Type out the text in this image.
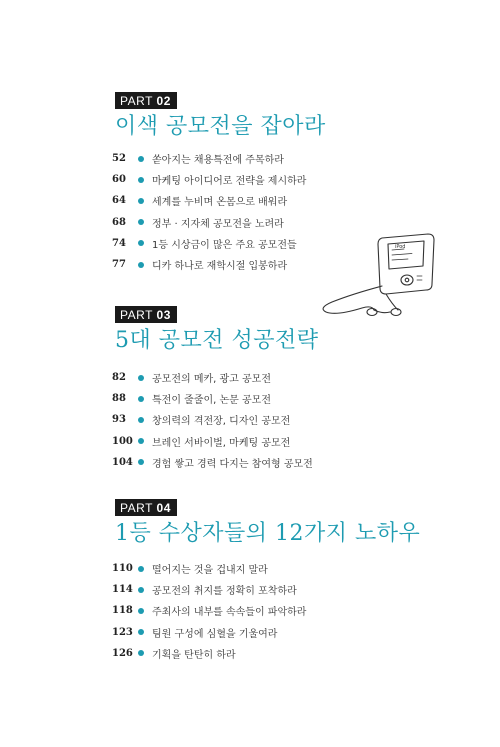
PART 02
이색 공모전을 잡아라
52	쏟아지는 채용특전에 주목하라
60	마케팅 아이디어로 전략을 제시하라
64	세계를 누비며 온몸으로 배워라
68	정부 · 지자체 공모전을 노려라
74	1등 시상금이 많은 주요 공모전들
77	디카 하나로 재학시절 입봉하라
iPod
PART 03
5대 공모전 성공전략
82	공모전의 메카, 광고 공모전
88	특전이 줄줄이, 논문 공모전
93	창의력의 격전장, 디자인 공모전
100	브레인 서바이벌, 마케팅 공모전
104	경험 쌓고 경력 다지는 참여형 공모전
PART 04
1등 수상자들의 12가지 노하우
110	떨어지는 것을 겁내지 말라
114	공모전의 취지를 정확히 포착하라
118	주최사의 내부를 속속들이 파악하라
123	팀원 구성에 심혈을 기울여라
126	기획을 탄탄히 하라
